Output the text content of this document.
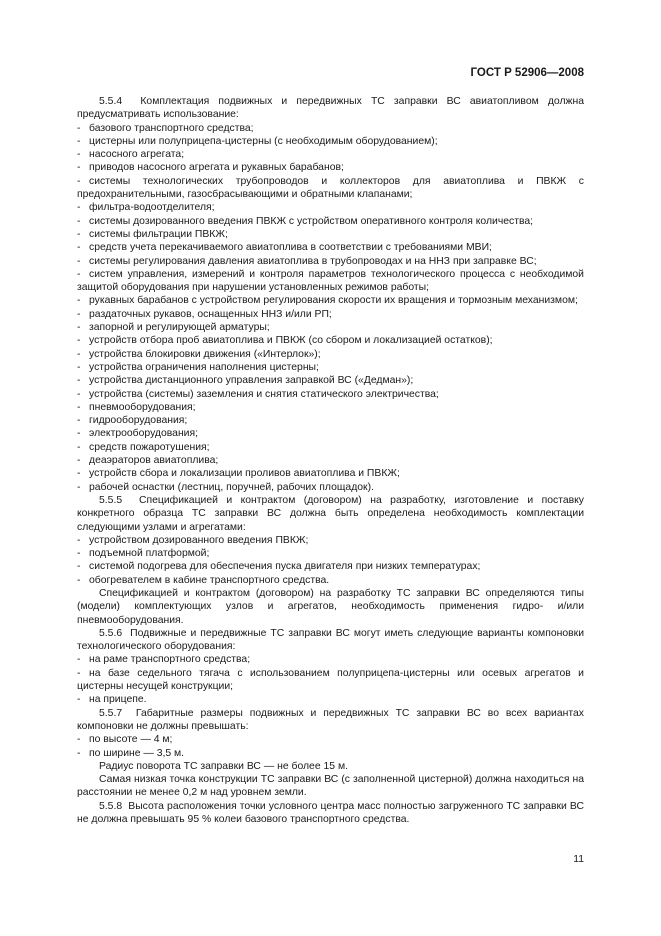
ГОСТ Р 52906—2008

5.5.4 Комплектация подвижных и передвижных ТС заправки ВС авиатопливом должна предусматривать использование:

- базового транспортного средства;
- цистерны или полуприцепа-цистерны (с необходимым оборудованием);
- насосного агрегата;
- приводов насосного агрегата и рукавных барабанов;
- системы технологических трубопроводов и коллекторов для авиатоплива и ПВКЖ с предохранительными, газосбрасывающими и обратными клапанами;
- фильтра-водоотделителя;
- системы дозированного введения ПВКЖ с устройством оперативного контроля количества;
- системы фильтрации ПВКЖ;
- средств учета перекачиваемого авиатоплива в соответствии с требованиями МВИ;
- системы регулирования давления авиатоплива в трубопроводах и на ННЗ при заправке ВС;
- систем управления, измерений и контроля параметров технологического процесса с необходимой защитой оборудования при нарушении установленных режимов работы;
- рукавных барабанов с устройством регулирования скорости их вращения и тормозным механизмом;
- раздаточных рукавов, оснащенных ННЗ и/или РП;
- запорной и регулирующей арматуры;
- устройств отбора проб авиатоплива и ПВКЖ (со сбором и локализацией остатков);
- устройства блокировки движения («Интерлок»);
- устройства ограничения наполнения цистерны;
- устройства дистанционного управления заправкой ВС («Дедман»);
- устройства (системы) заземления и снятия статического электричества;
- пневмооборудования;
- гидрооборудования;
- электрооборудования;
- средств пожаротушения;
- деаэраторов авиатоплива;
- устройств сбора и локализации проливов авиатоплива и ПВКЖ;
- рабочей оснастки (лестниц, поручней, рабочих площадок).

5.5.5 Спецификацией и контрактом (договором) на разработку, изготовление и поставку конкретного образца ТС заправки ВС должна быть определена необходимость комплектации следующими узлами и агрегатами:

- устройством дозированного введения ПВКЖ;
- подъемной платформой;
- системой подогрева для обеспечения пуска двигателя при низких температурах;
- обогревателем в кабине транспортного средства.

Спецификацией и контрактом (договором) на разработку ТС заправки ВС определяются типы (модели) комплектующих узлов и агрегатов, необходимость применения гидро- и/или пневмооборудования.

5.5.6 Подвижные и передвижные ТС заправки ВС могут иметь следующие варианты компоновки технологического оборудования:

- на раме транспортного средства;
- на базе седельного тягача с использованием полуприцепа-цистерны или осевых агрегатов и цистерны несущей конструкции;
- на прицепе.

5.5.7 Габаритные размеры подвижных и передвижных ТС заправки ВС во всех вариантах компоновки не должны превышать:

- по высоте — 4 м;
- по ширине — 3,5 м.

Радиус поворота ТС заправки ВС — не более 15 м.

Самая низкая точка конструкции ТС заправки ВС (с заполненной цистерной) должна находиться на расстоянии не менее 0,2 м над уровнем земли.

5.5.8 Высота расположения точки условного центра масс полностью загруженного ТС заправки ВС не должна превышать 95 % колеи базового транспортного средства.

11
